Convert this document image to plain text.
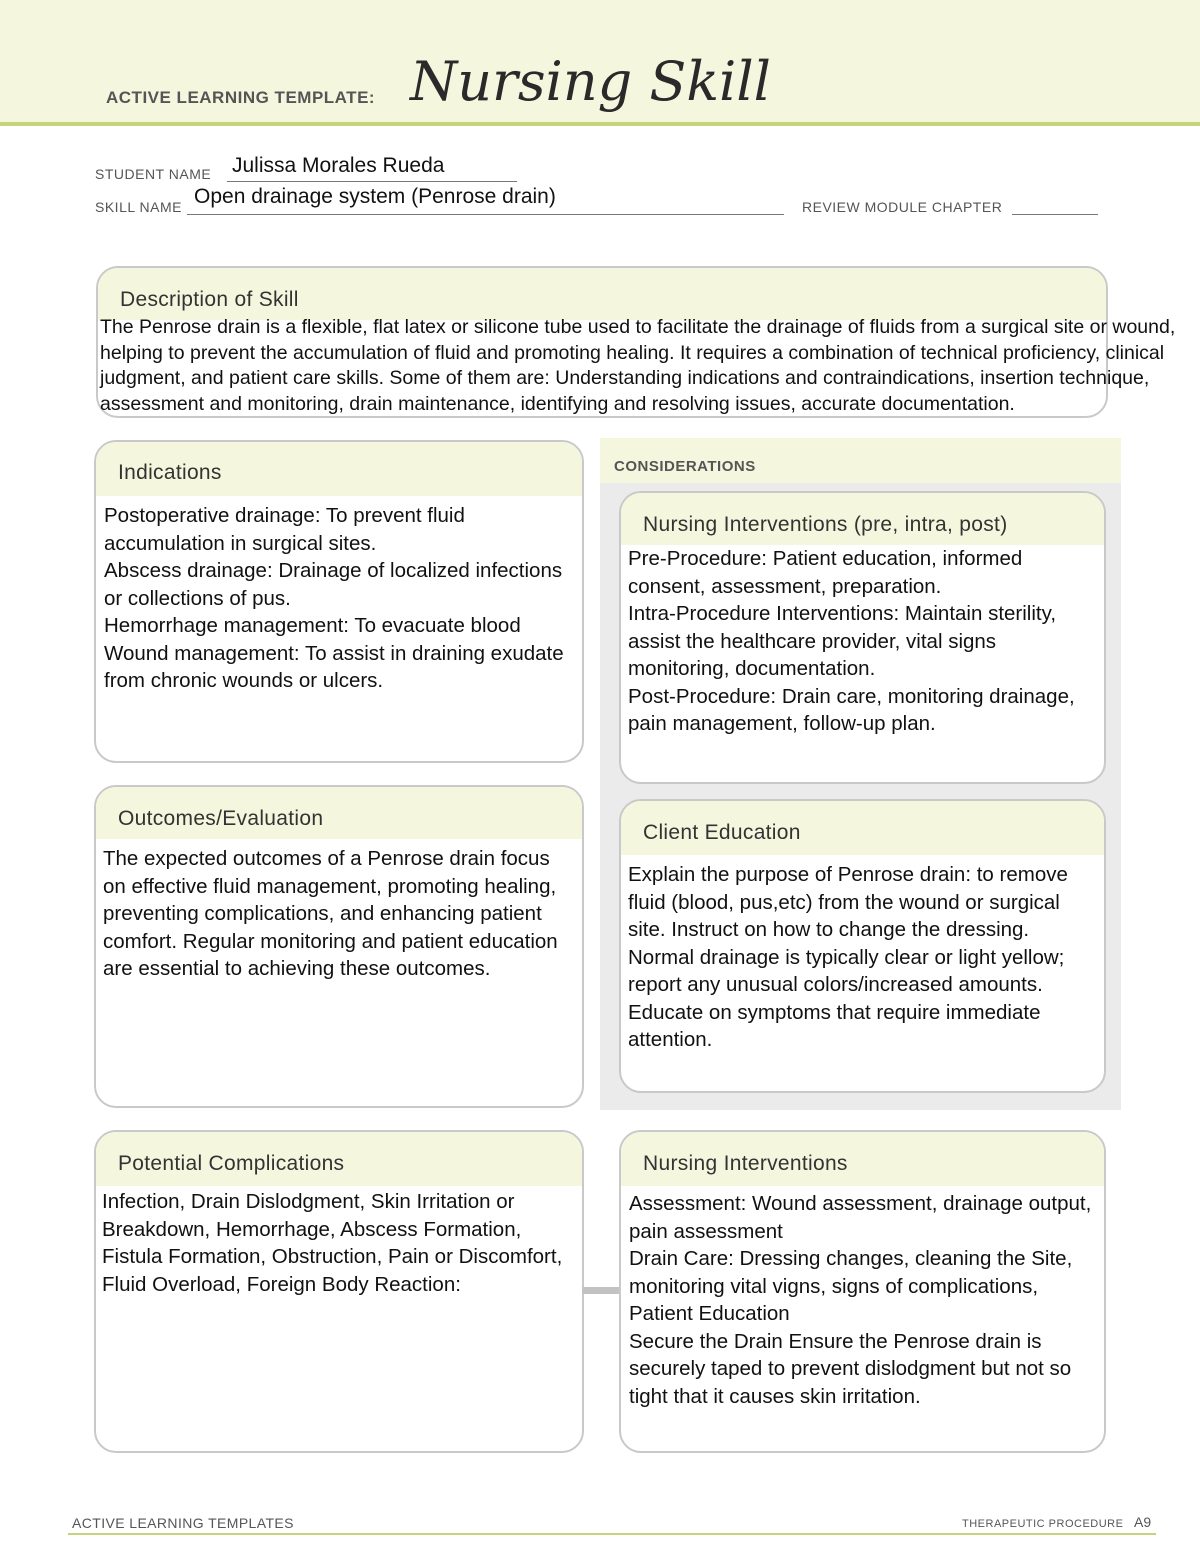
ACTIVE LEARNING TEMPLATE: Nursing Skill
STUDENT NAME Julissa Morales Rueda
SKILL NAME Open drainage system (Penrose drain)	REVIEW MODULE CHAPTER
Description of Skill
The Penrose drain is a flexible, flat latex or silicone tube used to facilitate the drainage of fluids from a surgical site or wound, helping to prevent the accumulation of fluid and promoting healing. It requires a combination of technical proficiency, clinical judgment, and patient care skills. Some of them are: Understanding indications and contraindications, insertion technique, assessment and monitoring, drain maintenance, identifying and resolving issues, accurate documentation.
CONSIDERATIONS
Indications
Postoperative drainage: To prevent fluid accumulation in surgical sites.
Abscess drainage: Drainage of localized infections or collections of pus.
Hemorrhage management: To evacuate blood
Wound management: To assist in draining exudate from chronic wounds or ulcers.
Nursing Interventions (pre, intra, post)
Pre-Procedure: Patient education, informed consent, assessment, preparation.
Intra-Procedure Interventions: Maintain sterility, assist the healthcare provider, vital signs monitoring, documentation.
Post-Procedure: Drain care, monitoring drainage, pain management, follow-up plan.
Outcomes/Evaluation
The expected outcomes of a Penrose drain focus on effective fluid management, promoting healing, preventing complications, and enhancing patient comfort. Regular monitoring and patient education are essential to achieving these outcomes.
Client Education
Explain the purpose of Penrose drain: to remove fluid (blood, pus,etc) from the wound or surgical site. Instruct on how to change the dressing. Normal drainage is typically clear or light yellow; report any unusual colors/increased amounts. Educate on symptoms that require immediate attention.
Potential Complications
Infection, Drain Dislodgment, Skin Irritation or Breakdown, Hemorrhage, Abscess Formation,
Fistula Formation, Obstruction, Pain or Discomfort, Fluid Overload, Foreign Body Reaction:
Nursing Interventions
Assessment: Wound assessment, drainage output, pain assessment
Drain Care: Dressing changes, cleaning the Site, monitoring vital vigns, signs of complications, Patient Education
Secure the Drain Ensure the Penrose drain is securely taped to prevent dislodgment but not so tight that it causes skin irritation.
ACTIVE LEARNING TEMPLATES	THERAPEUTIC PROCEDURE A9
